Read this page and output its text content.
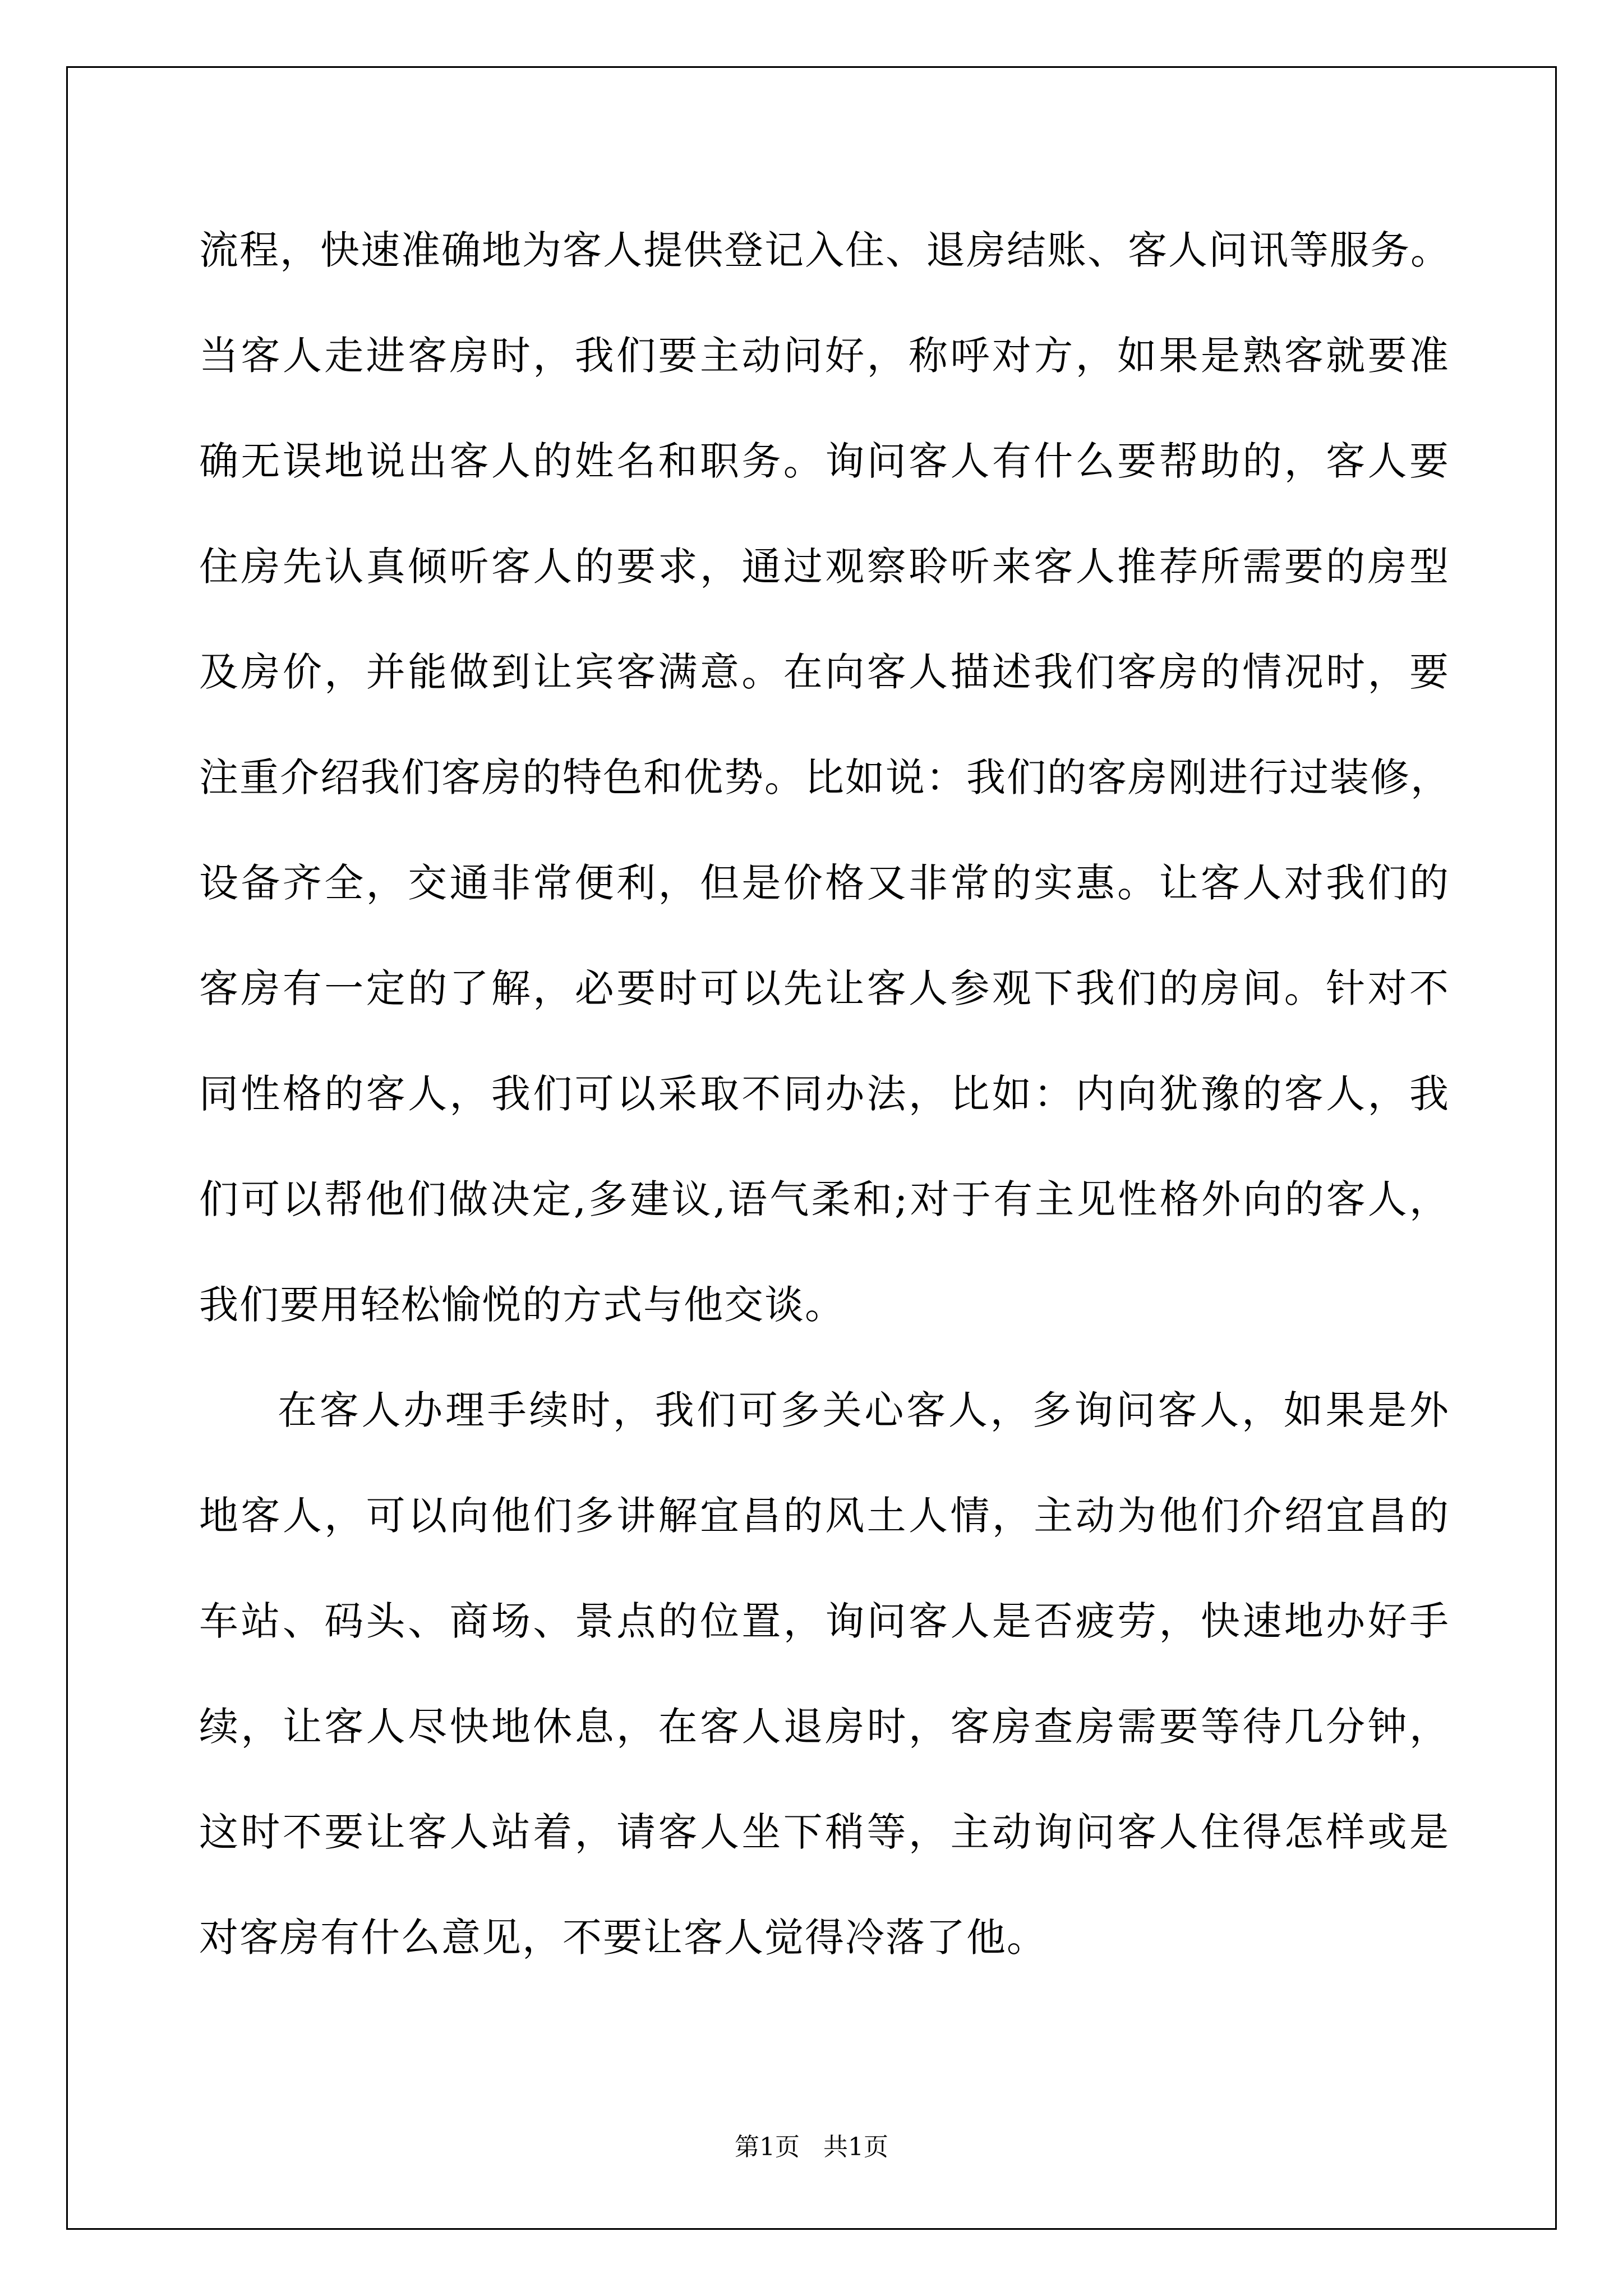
流程，快速准确地为客人提供登记入住、退房结账、客人问讯等服务。
当客人走进客房时，我们要主动问好，称呼对方，如果是熟客就要准
确无误地说出客人的姓名和职务。询问客人有什么要帮助的，客人要
住房先认真倾听客人的要求，通过观察聆听来客人推荐所需要的房型
及房价，并能做到让宾客满意。在向客人描述我们客房的情况时，要
注重介绍我们客房的特色和优势。比如说：我们的客房刚进行过装修，
设备齐全，交通非常便利，但是价格又非常的实惠。让客人对我们的
客房有一定的了解，必要时可以先让客人参观下我们的房间。针对不
同性格的客人，我们可以采取不同办法，比如：内向犹豫的客人，我
们可以帮他们做决定,多建议,语气柔和;对于有主见性格外向的客人，
我们要用轻松愉悦的方式与他交谈。
在客人办理手续时，我们可多关心客人，多询问客人，如果是外
地客人，可以向他们多讲解宜昌的风土人情，主动为他们介绍宜昌的
车站、码头、商场、景点的位置，询问客人是否疲劳，快速地办好手
续，让客人尽快地休息，在客人退房时，客房查房需要等待几分钟，
这时不要让客人站着，请客人坐下稍等，主动询问客人住得怎样或是
对客房有什么意见，不要让客人觉得冷落了他。
第1页 共1页
